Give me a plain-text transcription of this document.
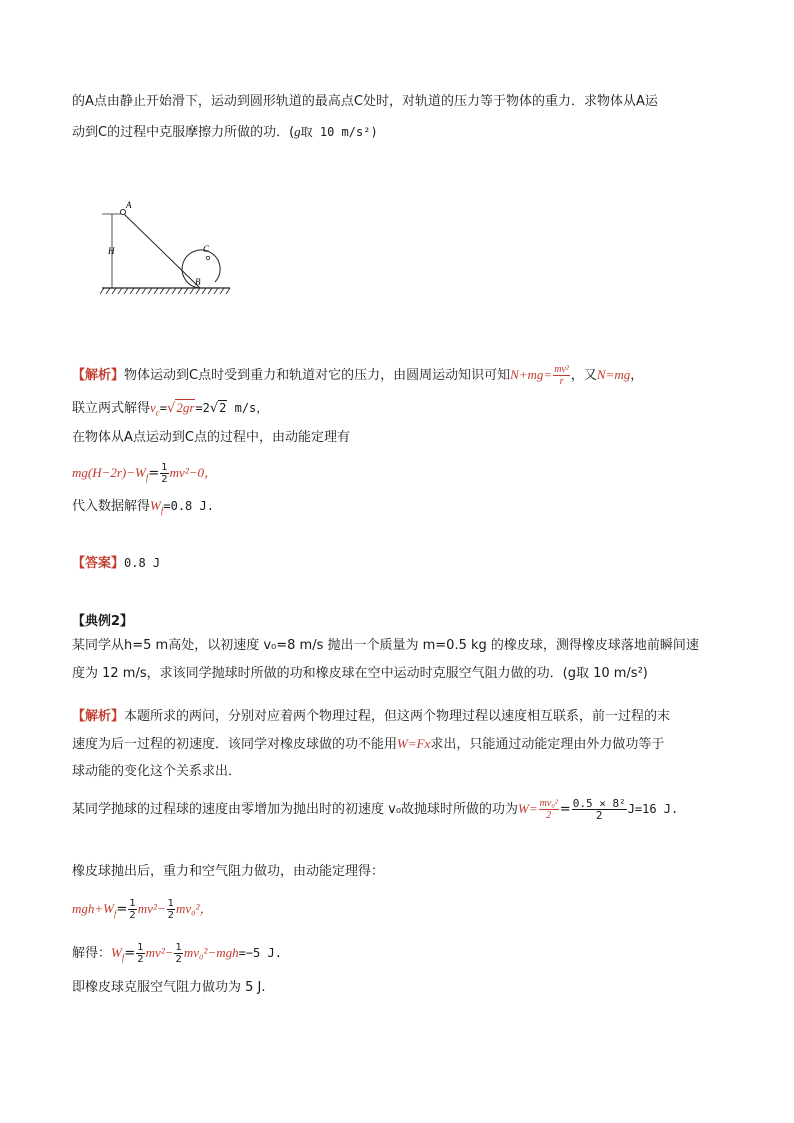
的A点由静止开始滑下，运动到圆形轨道的最高点C处时，对轨道的压力等于物体的重力．求物体从A运
动到C的过程中克服摩擦力所做的功．(g取 10 m/s²)
A
H	C
B
【解析】物体运动到C点时受到重力和轨道对它的压力，由圆周运动知识可知$N+mg= \frac{\text{mv²}}{r}$ ，又N=mg，
联立两式解得$v_c=√2gr=2√2$ m/s，
在物体从A点运动到C点的过程中，由动能定理有
$mg(H-2r)-W_f= \frac{1}{2} mv^2-0$，
代入数据解得$W_f=0.8$ J.
【答案】0.8 J
【典例2】
某同学从h=5 m高处，以初速度 v₀=8 m/s 抛出一个质量为 m=0.5 kg 的橡皮球，测得橡皮球落地前瞬间速
度为 12 m/s，求该同学抛球时所做的功和橡皮球在空中运动时克服空气阻力做的功．(g取 10 m/s²)
【解析】本题所求的两问，分别对应着两个物理过程，但这两个物理过程以速度相互联系，前一过程的末
速度为后一过程的初速度．该同学对橡皮球做的功不能用W=Fx求出，只能通过动能定理由外力做功等于
球动能的变化这个关系求出．
某同学抛球的过程球的速度由零增加为抛出时的初速度 v₀故抛球时所做的功为$W= \frac{\text{mv₀²}}{2} = \frac{\text{0.5 × 8²}}{2} J=16$ J.
橡皮球抛出后，重力和空气阻力做功，由动能定理得：
$mgh+W_f= \frac{1}{2} mv^2- \frac{1}{2} mv_0^2$，
解得：$W_f= \frac{1}{2} mv^2- \frac{1}{2} mv_0^2-mgh=-5$ J.
即橡皮球克服空气阻力做功为 5 J.
